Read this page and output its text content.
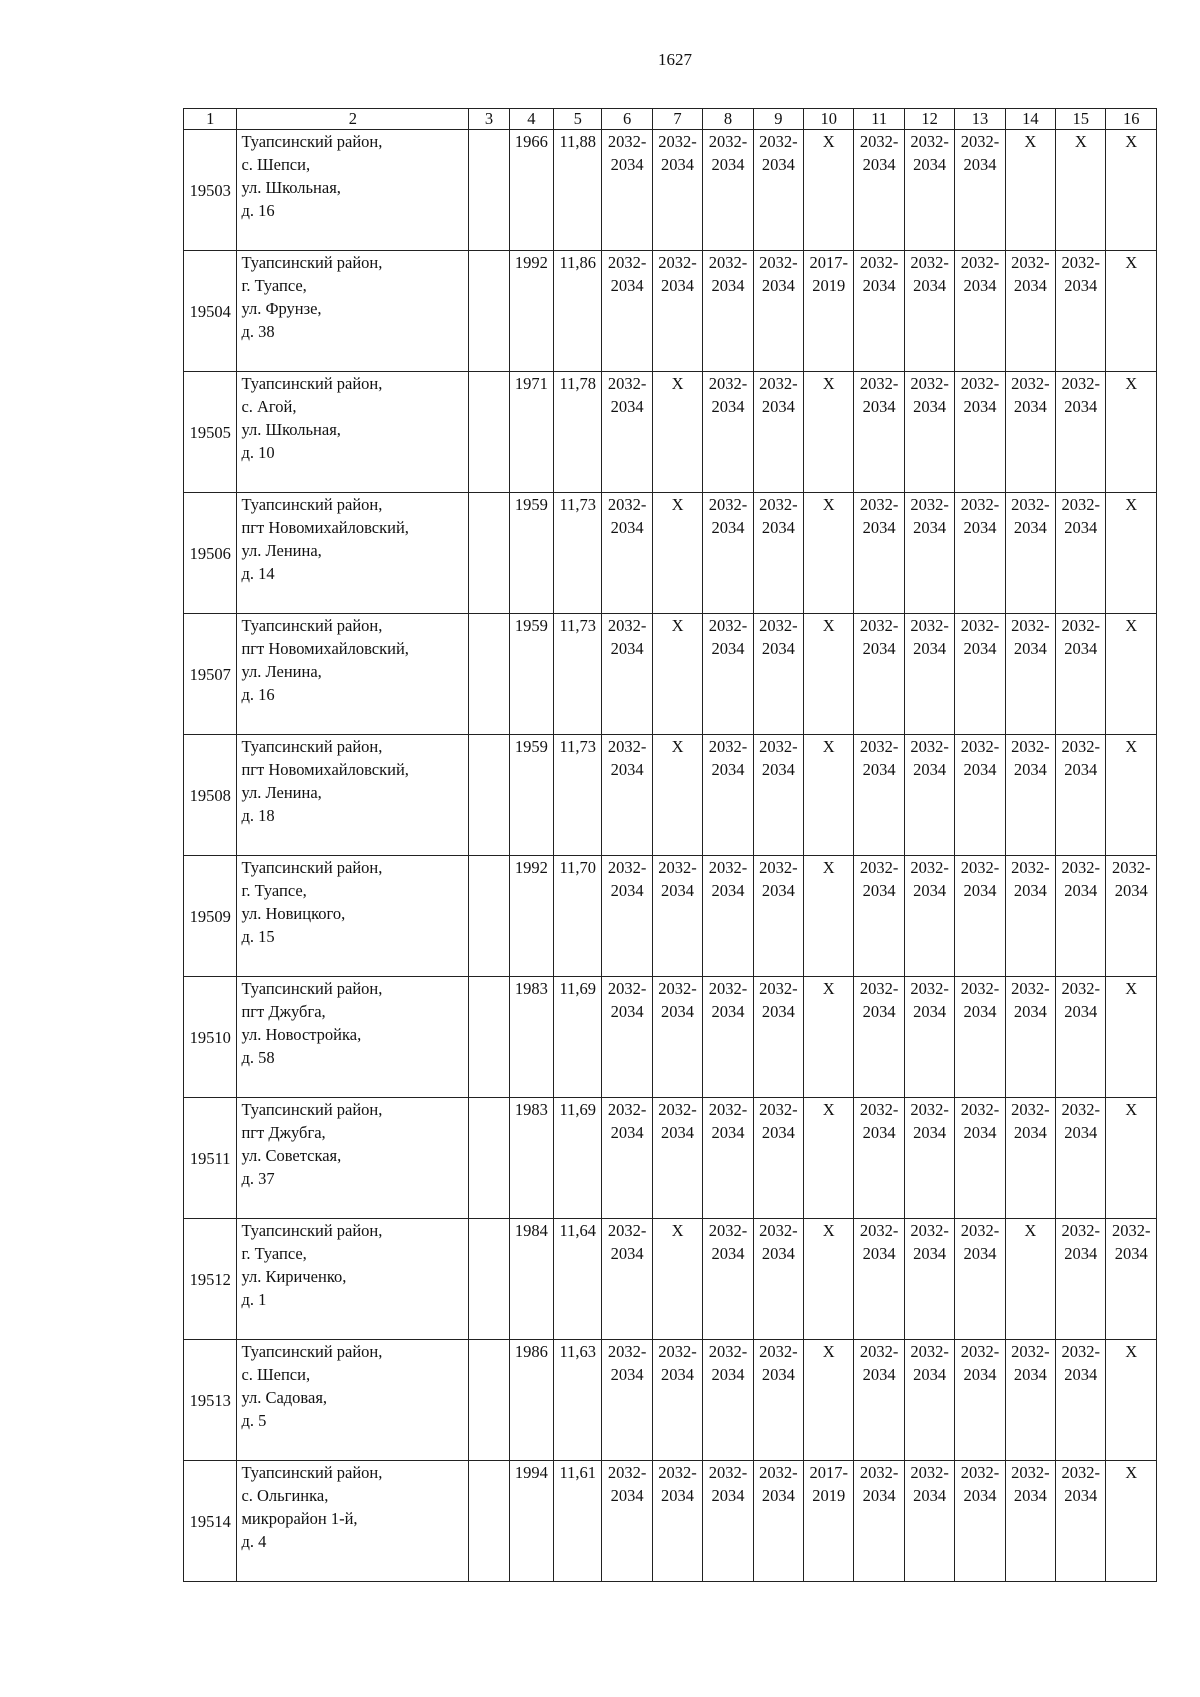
1627
1	2	3	4	5	6	7	8	9	10	11	12	13	14	15	16
19503	Туапсинский район,
с. Шепси,
ул. Школьная,
д. 16		1966	11,88	2032-
2034	2032-
2034	2032-
2034	2032-
2034	X	2032-
2034	2032-
2034	2032-
2034	X	X	X
19504	Туапсинский район,
г. Туапсе,
ул. Фрунзе,
д. 38		1992	11,86	2032-
2034	2032-
2034	2032-
2034	2032-
2034	2017-
2019	2032-
2034	2032-
2034	2032-
2034	2032-
2034	2032-
2034	X
19505	Туапсинский район,
с. Агой,
ул. Школьная,
д. 10		1971	11,78	2032-
2034	X	2032-
2034	2032-
2034	X	2032-
2034	2032-
2034	2032-
2034	2032-
2034	2032-
2034	X
19506	Туапсинский район,
пгт Новомихайловский,
ул. Ленина,
д. 14		1959	11,73	2032-
2034	X	2032-
2034	2032-
2034	X	2032-
2034	2032-
2034	2032-
2034	2032-
2034	2032-
2034	X
19507	Туапсинский район,
пгт Новомихайловский,
ул. Ленина,
д. 16		1959	11,73	2032-
2034	X	2032-
2034	2032-
2034	X	2032-
2034	2032-
2034	2032-
2034	2032-
2034	2032-
2034	X
19508	Туапсинский район,
пгт Новомихайловский,
ул. Ленина,
д. 18		1959	11,73	2032-
2034	X	2032-
2034	2032-
2034	X	2032-
2034	2032-
2034	2032-
2034	2032-
2034	2032-
2034	X
19509	Туапсинский район,
г. Туапсе,
ул. Новицкого,
д. 15		1992	11,70	2032-
2034	2032-
2034	2032-
2034	2032-
2034	X	2032-
2034	2032-
2034	2032-
2034	2032-
2034	2032-
2034	2032-
2034

19510	Туапсинский район,
пгт Джубга,
ул. Новостройка,
д. 58		1983	11,69	2032-
2034	2032-
2034	2032-
2034	2032-
2034	X	2032-
2034	2032-
2034	2032-
2034	2032-
2034	2032-
2034	X
19511	Туапсинский район,
пгт Джубга,
ул. Советская,
д. 37		1983	11,69	2032-
2034	2032-
2034	2032-
2034	2032-
2034	X	2032-
2034	2032-
2034	2032-
2034	2032-
2034	2032-
2034	X
19512	Туапсинский район,
г. Туапсе,
ул. Кириченко,
д. 1		1984	11,64	2032-
2034	X	2032-
2034	2032-
2034	X	2032-
2034	2032-
2034	2032-
2034	X	2032-
2034	2032-
2034

19513	Туапсинский район,
с. Шепси,
ул. Садовая,
д. 5		1986	11,63	2032-
2034	2032-
2034	2032-
2034	2032-
2034	X	2032-
2034	2032-
2034	2032-
2034	2032-
2034	2032-
2034	X
19514	Туапсинский район,
с. Ольгинка,
микрорайон 1-й,
д. 4		1994	11,61	2032-
2034	2032-
2034	2032-
2034	2032-
2034	2017-
2019	2032-
2034	2032-
2034	2032-
2034	2032-
2034	2032-
2034	X
